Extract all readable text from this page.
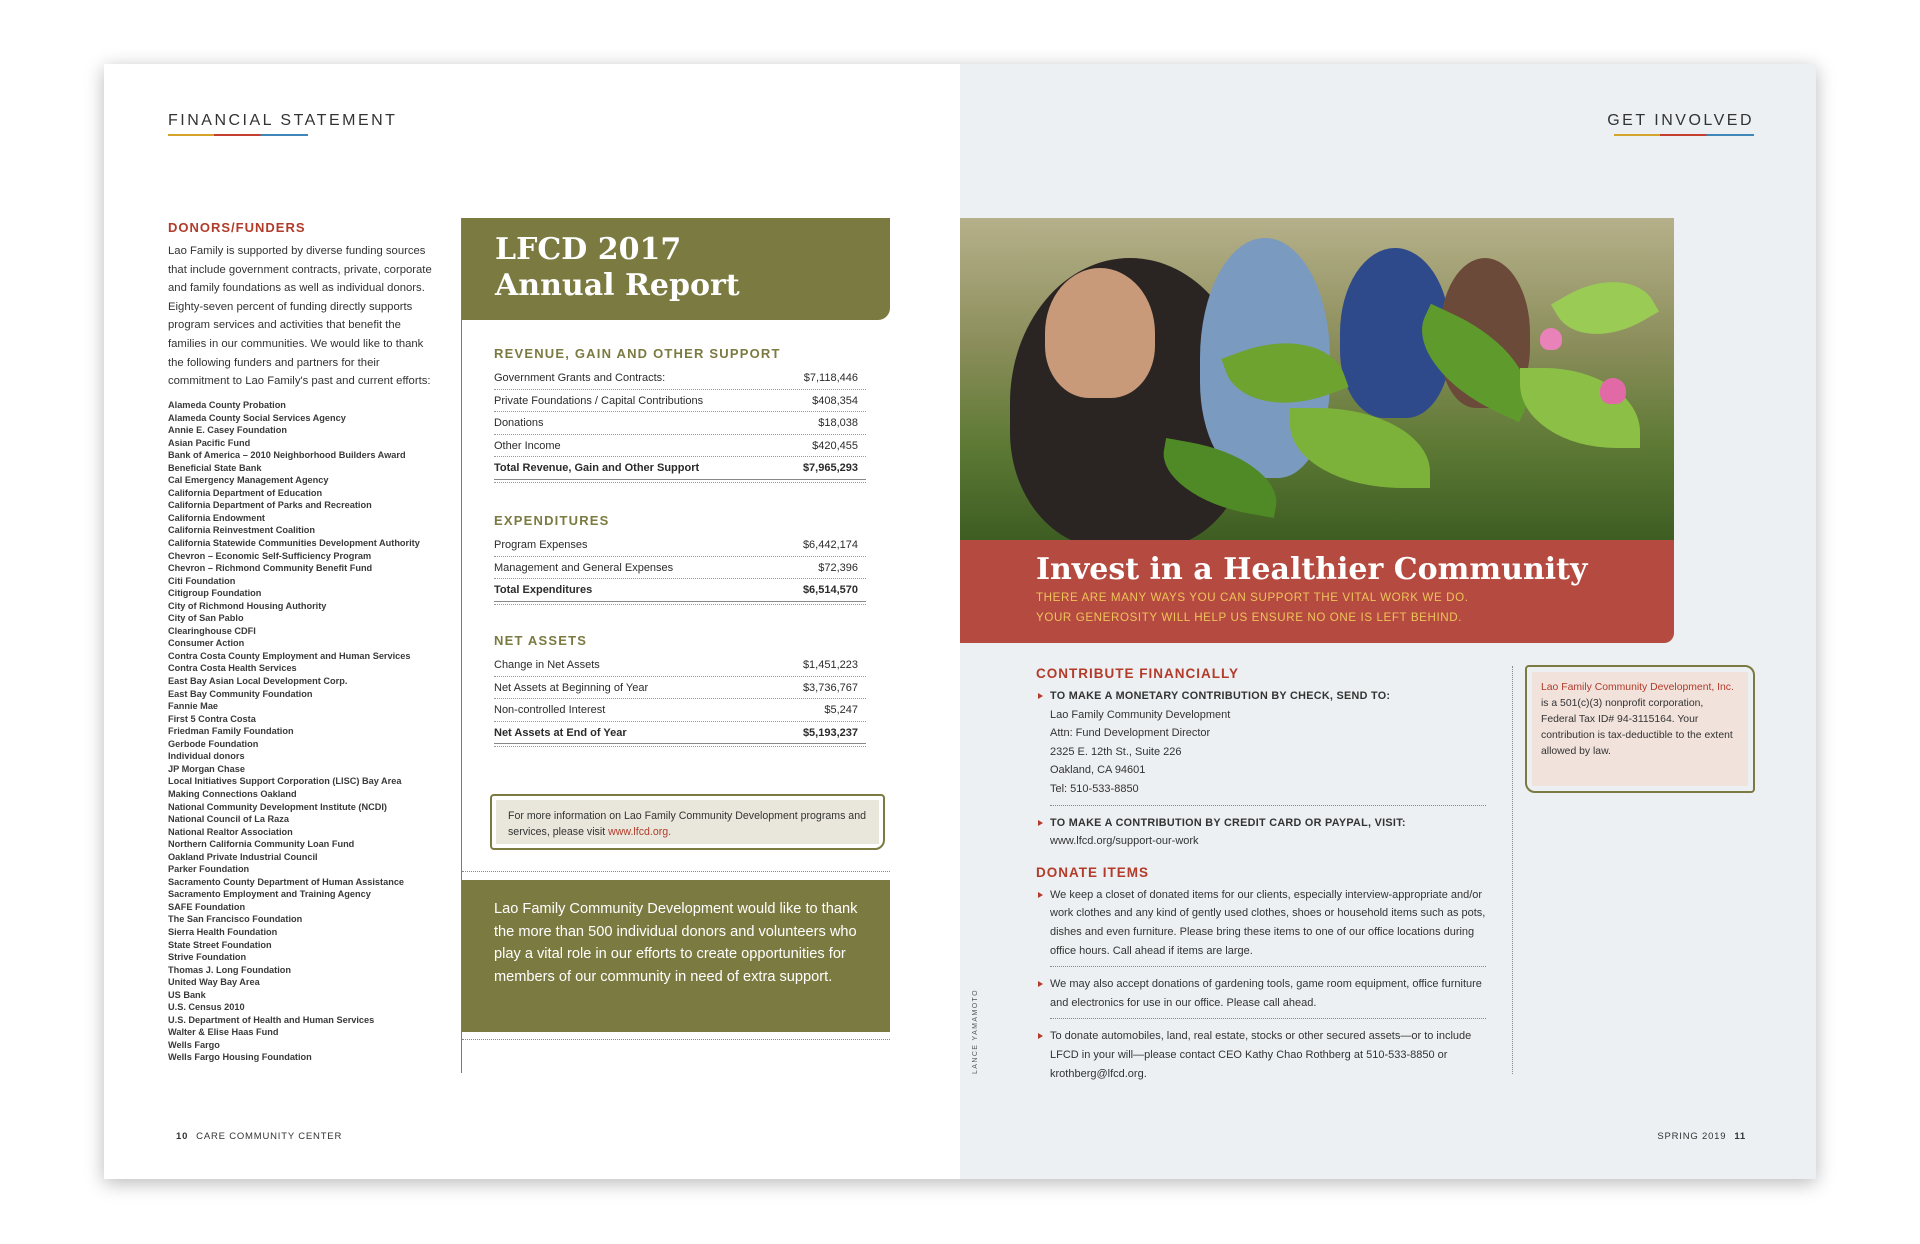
FINANCIAL STATEMENT
DONORS/FUNDERS
Lao Family is supported by diverse funding sources that include government contracts, private, corporate and family foundations as well as individual donors. Eighty-seven percent of funding directly supports program services and activities that benefit the families in our communities. We would like to thank the following funders and partners for their commitment to Lao Family's past and current efforts:
Alameda County Probation
Alameda County Social Services Agency
Annie E. Casey Foundation
Asian Pacific Fund
Bank of America – 2010 Neighborhood Builders Award
Beneficial State Bank
Cal Emergency Management Agency
California Department of Education
California Department of Parks and Recreation
California Endowment
California Reinvestment Coalition
California Statewide Communities Development Authority
Chevron – Economic Self-Sufficiency Program
Chevron – Richmond Community Benefit Fund
Citi Foundation
Citigroup Foundation
City of Richmond Housing Authority
City of San Pablo
Clearinghouse CDFI
Consumer Action
Contra Costa County Employment and Human Services
Contra Costa Health Services
East Bay Asian Local Development Corp.
East Bay Community Foundation
Fannie Mae
First 5 Contra Costa
Friedman Family Foundation
Gerbode Foundation
Individual donors
JP Morgan Chase
Local Initiatives Support Corporation (LISC) Bay Area
Making Connections Oakland
National Community Development Institute (NCDI)
National Council of La Raza
National Realtor Association
Northern California Community Loan Fund
Oakland Private Industrial Council
Parker Foundation
Sacramento County Department of Human Assistance
Sacramento Employment and Training Agency
SAFE Foundation
The San Francisco Foundation
Sierra Health Foundation
State Street Foundation
Strive Foundation
Thomas J. Long Foundation
United Way Bay Area
US Bank
U.S. Census 2010
U.S. Department of Health and Human Services
Walter & Elise Haas Fund
Wells Fargo
Wells Fargo Housing Foundation
LFCD 2017
Annual Report
REVENUE, GAIN AND OTHER SUPPORT
Government Grants and Contracts:	$7,118,446
Private Foundations / Capital Contributions	$408,354
Donations	$18,038
Other Income	$420,455
Total Revenue, Gain and Other Support	$7,965,293
EXPENDITURES
Program Expenses	$6,442,174
Management and General Expenses	$72,396
Total Expenditures	$6,514,570
NET ASSETS
Change in Net Assets	$1,451,223
Net Assets at Beginning of Year	$3,736,767
Non-controlled Interest	$5,247
Net Assets at End of Year	$5,193,237
For more information on Lao Family Community Development programs and services, please visit www.lfcd.org.
Lao Family Community Development would like to thank the more than 500 individual donors and volunteers who play a vital role in our efforts to create opportunities for members of our community in need of extra support.
10 CARE COMMUNITY CENTER
GET INVOLVED
Invest in a Healthier Community
THERE ARE MANY WAYS YOU CAN SUPPORT THE VITAL WORK WE DO.
YOUR GENEROSITY WILL HELP US ENSURE NO ONE IS LEFT BEHIND.
CONTRIBUTE FINANCIALLY
TO MAKE A MONETARY CONTRIBUTION BY CHECK, SEND TO:
Lao Family Community Development
Attn: Fund Development Director
2325 E. 12th St., Suite 226
Oakland, CA 94601
Tel: 510-533-8850
TO MAKE A CONTRIBUTION BY CREDIT CARD OR PAYPAL, VISIT:
www.lfcd.org/support-our-work
DONATE ITEMS
We keep a closet of donated items for our clients, especially interview-appropriate and/or work clothes and any kind of gently used clothes, shoes or household items such as pots, dishes and even furniture. Please bring these items to one of our office locations during office hours. Call ahead if items are large.
We may also accept donations of gardening tools, game room equipment, office furniture and electronics for use in our office. Please call ahead.
To donate automobiles, land, real estate, stocks or other secured assets—or to include LFCD in your will—please contact CEO Kathy Chao Rothberg at 510-533-8850 or krothberg@lfcd.org.
Lao Family Community Development, Inc. is a 501(c)(3) nonprofit corporation, Federal Tax ID# 94-3115164. Your contribution is tax-deductible to the extent allowed by law.
LANCE YAMAMOTO
SPRING 2019 11
